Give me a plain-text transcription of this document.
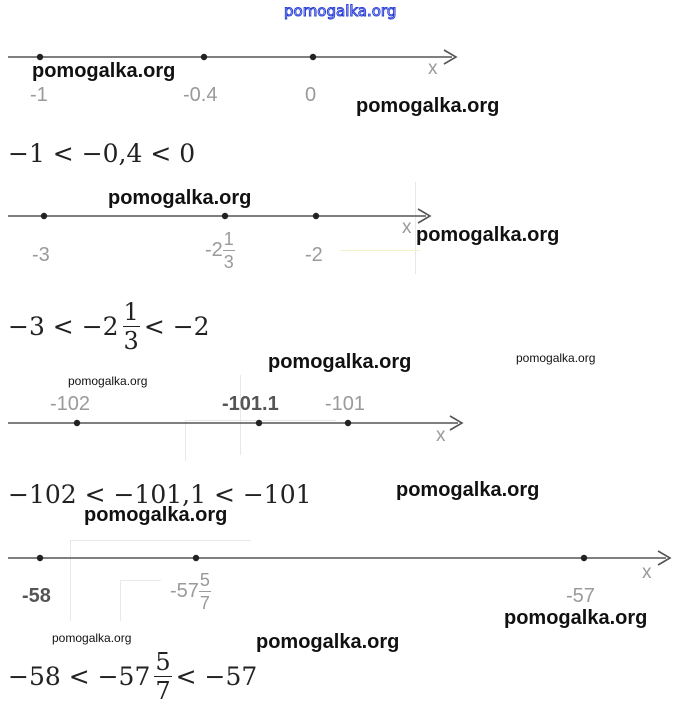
pomogalka.org
-1	-0.4	0
x
−1 < −0,4 < 0
-3	$-2 \frac{1}{3}$	-2
x
$-3 < -2 \frac{1}{3} < -2$
-102	-101.1 -101
x
−102 < −101,1 < −101
-58	$-57 \frac{5}{7}$	-57
x
$-58 < -57 \frac{5}{7} < -57$
pomogalka.org
pomogalka.org
pomogalka.org
pomogalka.org
pomogalka.org	pomogalka.org
pomogalka.org
pomogalka.org
pomogalka.org
pomogalka.org
pomogalka.org	pomogalka.org
